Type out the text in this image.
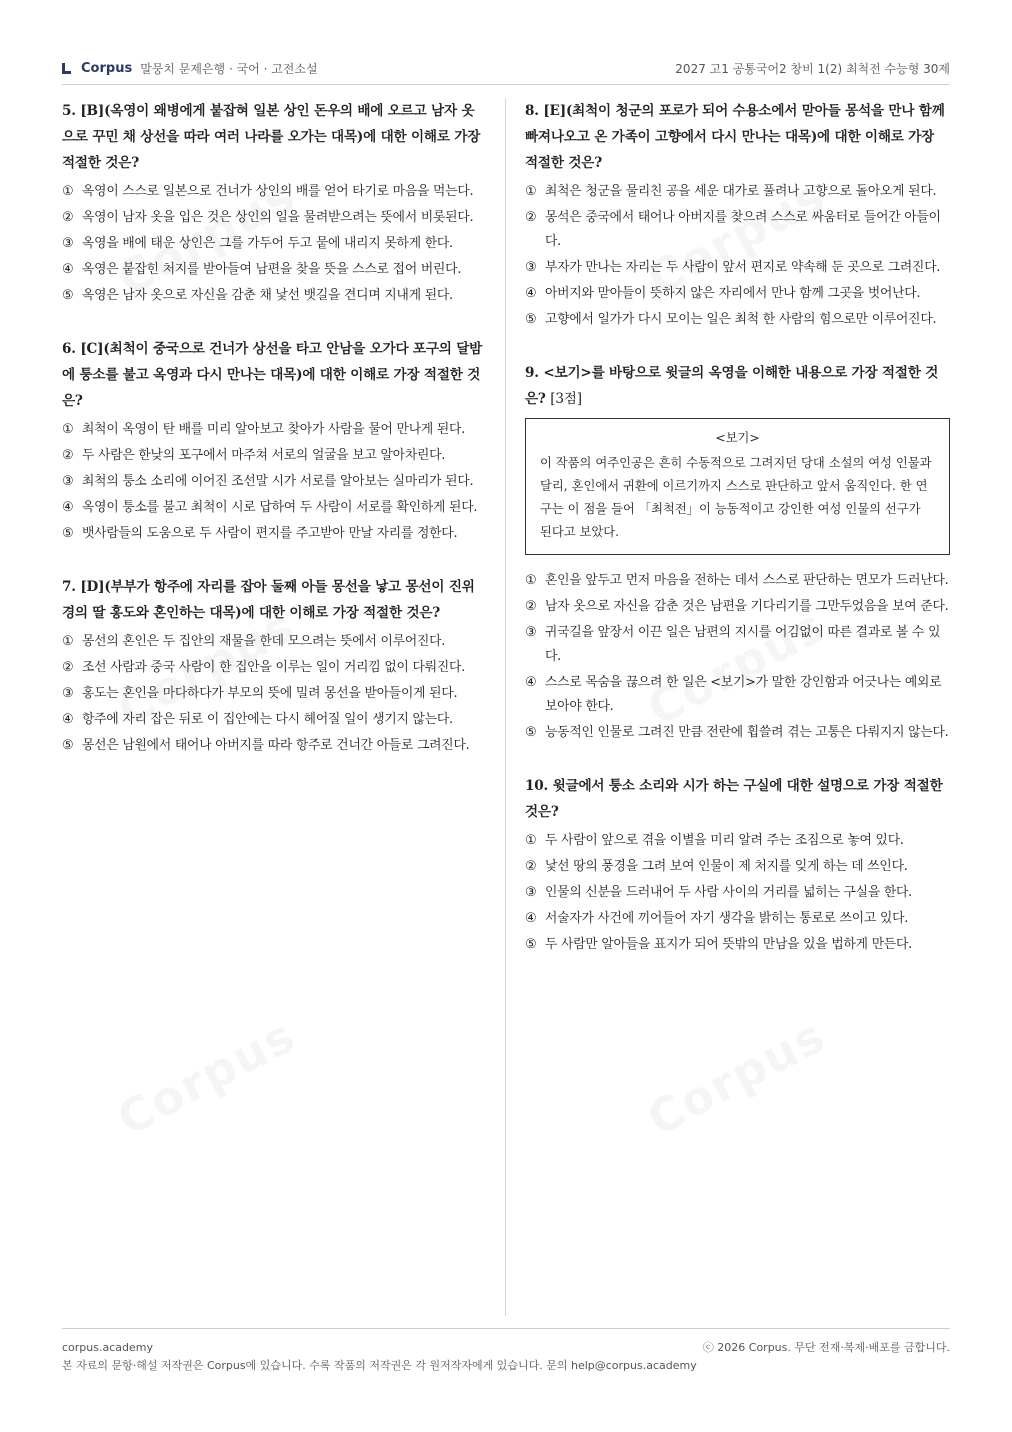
Corpus 말뭉치 문제은행 · 국어 · 고전소설	2027 고1 공통국어2 창비 1(2) 최척전 수능형 30제
5. [B](옥영이 왜병에게 붙잡혀 일본 상인 돈우의 배에 오르고 남자 옷으로 꾸민 채 상선을 따라 여러 나라를 오가는 대목)에 대한 이해로 가장 적절한 것은?
① 옥영이 스스로 일본으로 건너가 상인의 배를 얻어 타기로 마음을 먹는다.
② 옥영이 남자 옷을 입은 것은 상인의 일을 물려받으려는 뜻에서 비롯된다.
③ 옥영을 배에 태운 상인은 그를 가두어 두고 뭍에 내리지 못하게 한다.
④ 옥영은 붙잡힌 처지를 받아들여 남편을 찾을 뜻을 스스로 접어 버린다.
⑤ 옥영은 남자 옷으로 자신을 감춘 채 낯선 뱃길을 견디며 지내게 된다.
6. [C](최척이 중국으로 건너가 상선을 타고 안남을 오가다 포구의 달밤에 퉁소를 불고 옥영과 다시 만나는 대목)에 대한 이해로 가장 적절한 것은?
① 최척이 옥영이 탄 배를 미리 알아보고 찾아가 사람을 물어 만나게 된다.
② 두 사람은 한낮의 포구에서 마주쳐 서로의 얼굴을 보고 알아차린다.
③ 최척의 퉁소 소리에 이어진 조선말 시가 서로를 알아보는 실마리가 된다.
④ 옥영이 퉁소를 불고 최척이 시로 답하여 두 사람이 서로를 확인하게 된다.
⑤ 뱃사람들의 도움으로 두 사람이 편지를 주고받아 만날 자리를 정한다.
7. [D](부부가 항주에 자리를 잡아 둘째 아들 몽선을 낳고 몽선이 진위경의 딸 홍도와 혼인하는 대목)에 대한 이해로 가장 적절한 것은?
① 몽선의 혼인은 두 집안의 재물을 한데 모으려는 뜻에서 이루어진다.
② 조선 사람과 중국 사람이 한 집안을 이루는 일이 거리낌 없이 다뤄진다.
③ 홍도는 혼인을 마다하다가 부모의 뜻에 밀려 몽선을 받아들이게 된다.
④ 항주에 자리 잡은 뒤로 이 집안에는 다시 헤어질 일이 생기지 않는다.
⑤ 몽선은 남원에서 태어나 아버지를 따라 항주로 건너간 아들로 그려진다.
8. [E](최척이 청군의 포로가 되어 수용소에서 맏아들 몽석을 만나 함께 빠져나오고 온 가족이 고향에서 다시 만나는 대목)에 대한 이해로 가장 적절한 것은?
① 최척은 청군을 물리친 공을 세운 대가로 풀려나 고향으로 돌아오게 된다.
② 몽석은 중국에서 태어나 아버지를 찾으려 스스로 싸움터로 들어간 아들이다.
③ 부자가 만나는 자리는 두 사람이 앞서 편지로 약속해 둔 곳으로 그려진다.
④ 아버지와 맏아들이 뜻하지 않은 자리에서 만나 함께 그곳을 벗어난다.
⑤ 고향에서 일가가 다시 모이는 일은 최척 한 사람의 힘으로만 이루어진다.
9. <보기>를 바탕으로 윗글의 옥영을 이해한 내용으로 가장 적절한 것은? [3점]
<보기>
이 작품의 여주인공은 흔히 수동적으로 그려지던 당대 소설의 여성 인물과 달리, 혼인에서 귀환에 이르기까지 스스로 판단하고 앞서 움직인다. 한 연구는 이 점을 들어 「최척전」이 능동적이고 강인한 여성 인물의 선구가 된다고 보았다.
① 혼인을 앞두고 먼저 마음을 전하는 데서 스스로 판단하는 면모가 드러난다.
② 남자 옷으로 자신을 감춘 것은 남편을 기다리기를 그만두었음을 보여 준다.
③ 귀국길을 앞장서 이끈 일은 남편의 지시를 어김없이 따른 결과로 볼 수 있다.
④ 스스로 목숨을 끊으려 한 일은 <보기>가 말한 강인함과 어긋나는 예외로 보아야 한다.
⑤ 능동적인 인물로 그려진 만큼 전란에 휩쓸려 겪는 고통은 다뤄지지 않는다.
10. 윗글에서 퉁소 소리와 시가 하는 구실에 대한 설명으로 가장 적절한 것은?
① 두 사람이 앞으로 겪을 이별을 미리 알려 주는 조짐으로 놓여 있다.
② 낯선 땅의 풍경을 그려 보여 인물이 제 처지를 잊게 하는 데 쓰인다.
③ 인물의 신분을 드러내어 두 사람 사이의 거리를 넓히는 구실을 한다.
④ 서술자가 사건에 끼어들어 자기 생각을 밝히는 통로로 쓰이고 있다.
⑤ 두 사람만 알아들을 표지가 되어 뜻밖의 만남을 있을 법하게 만든다.
corpus.academy
본 자료의 문항·해설 저작권은 Corpus에 있습니다. 수록 작품의 저작권은 각 원저작자에게 있습니다. 문의 help@corpus.academy
ⓒ 2026 Corpus. 무단 전재·복제·배포를 금합니다.
